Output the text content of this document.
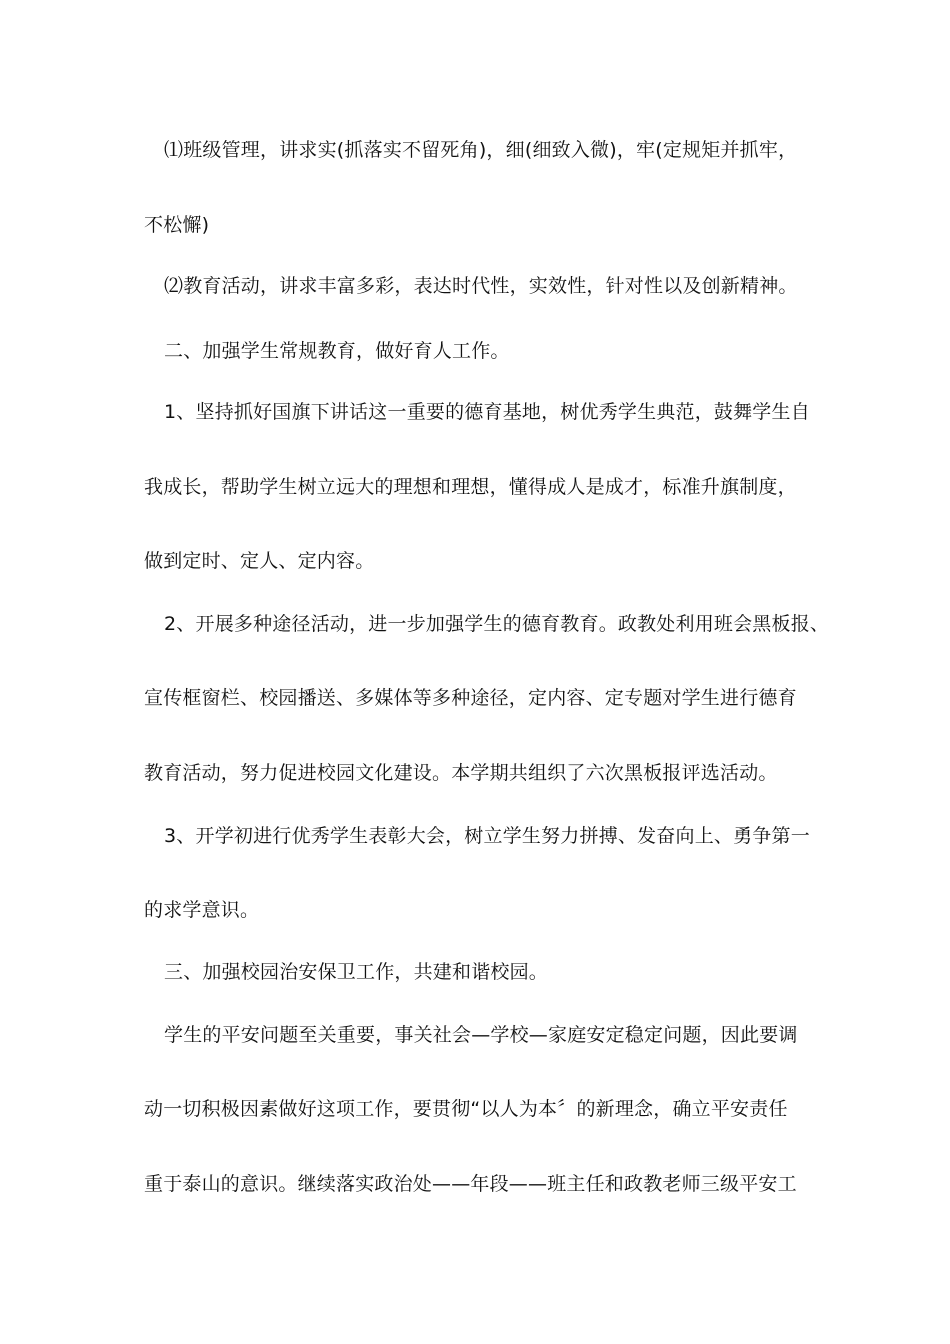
⑴班级管理，讲求实(抓落实不留死角)，细(细致入微)，牢(定规矩并抓牢，
不松懈)
⑵教育活动，讲求丰富多彩，表达时代性，实效性，针对性以及创新精神。
二、加强学生常规教育，做好育人工作。
1、坚持抓好国旗下讲话这一重要的德育基地，树优秀学生典范，鼓舞学生自
我成长，帮助学生树立远大的理想和理想，懂得成人是成才，标准升旗制度，
做到定时、定人、定内容。
2、开展多种途径活动，进一步加强学生的德育教育。政教处利用班会黑板报、
宣传框窗栏、校园播送、多媒体等多种途径，定内容、定专题对学生进行德育
教育活动，努力促进校园文化建设。本学期共组织了六次黑板报评选活动。
3、开学初进行优秀学生表彰大会，树立学生努力拼搏、发奋向上、勇争第一
的求学意识。
三、加强校园治安保卫工作，共建和谐校园。
学生的平安问题至关重要，事关社会—学校—家庭安定稳定问题，因此要调
动一切积极因素做好这项工作，要贯彻“以人为本〞的新理念，确立平安责任
重于泰山的意识。继续落实政治处——年段——班主任和政教老师三级平安工
